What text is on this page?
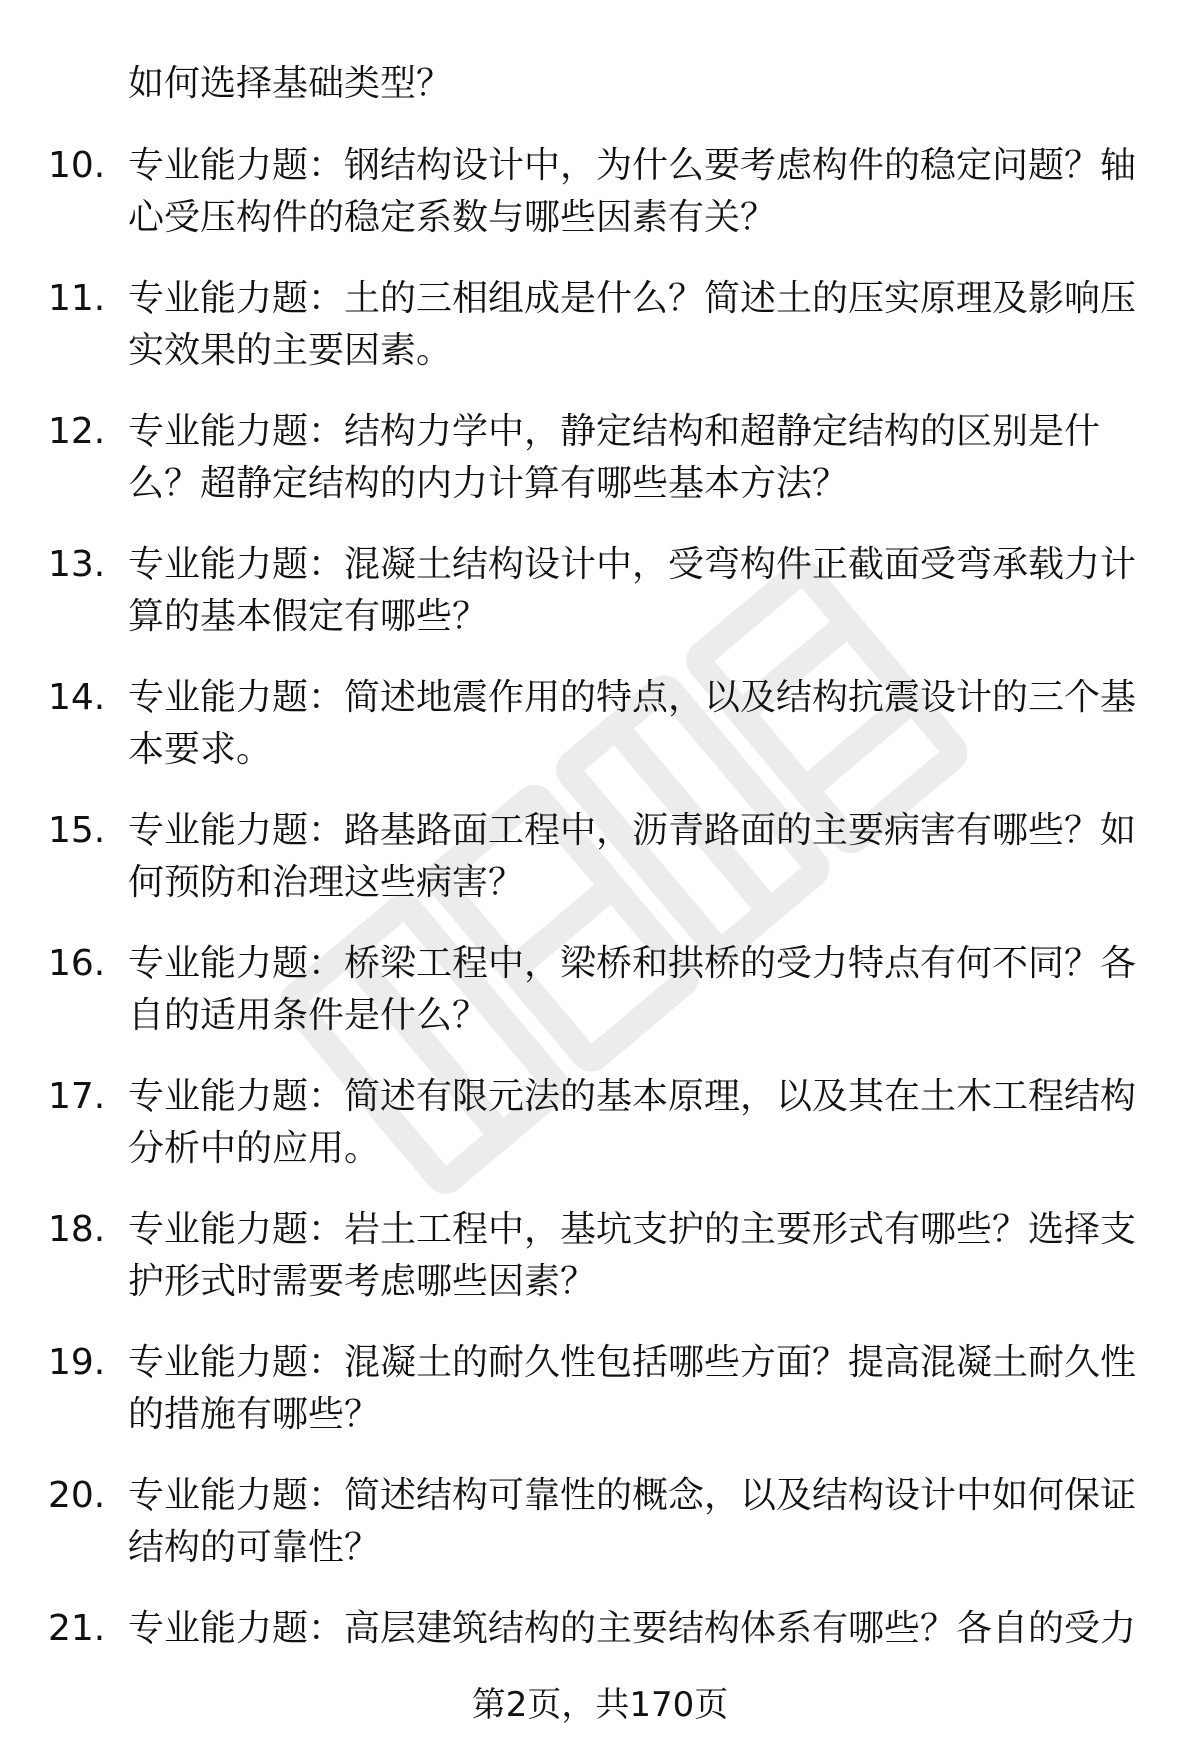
如何选择基础类型？

10. 专业能力题：钢结构设计中，为什么要考虑构件的稳定问题？轴心受压构件的稳定系数与哪些因素有关？

11. 专业能力题：土的三相组成是什么？简述土的压实原理及影响压实效果的主要因素。

12. 专业能力题：结构力学中，静定结构和超静定结构的区别是什么？超静定结构的内力计算有哪些基本方法？

13. 专业能力题：混凝土结构设计中，受弯构件正截面受弯承载力计算的基本假定有哪些？

14. 专业能力题：简述地震作用的特点，以及结构抗震设计的三个基本要求。

15. 专业能力题：路基路面工程中，沥青路面的主要病害有哪些？如何预防和治理这些病害？

16. 专业能力题：桥梁工程中，梁桥和拱桥的受力特点有何不同？各自的适用条件是什么？

17. 专业能力题：简述有限元法的基本原理，以及其在土木工程结构分析中的应用。

18. 专业能力题：岩土工程中，基坑支护的主要形式有哪些？选择支护形式时需要考虑哪些因素？

19. 专业能力题：混凝土的耐久性包括哪些方面？提高混凝土耐久性的措施有哪些？

20. 专业能力题：简述结构可靠性的概念，以及结构设计中如何保证结构的可靠性？

21. 专业能力题：高层建筑结构的主要结构体系有哪些？各自的受力

第2页，共170页
